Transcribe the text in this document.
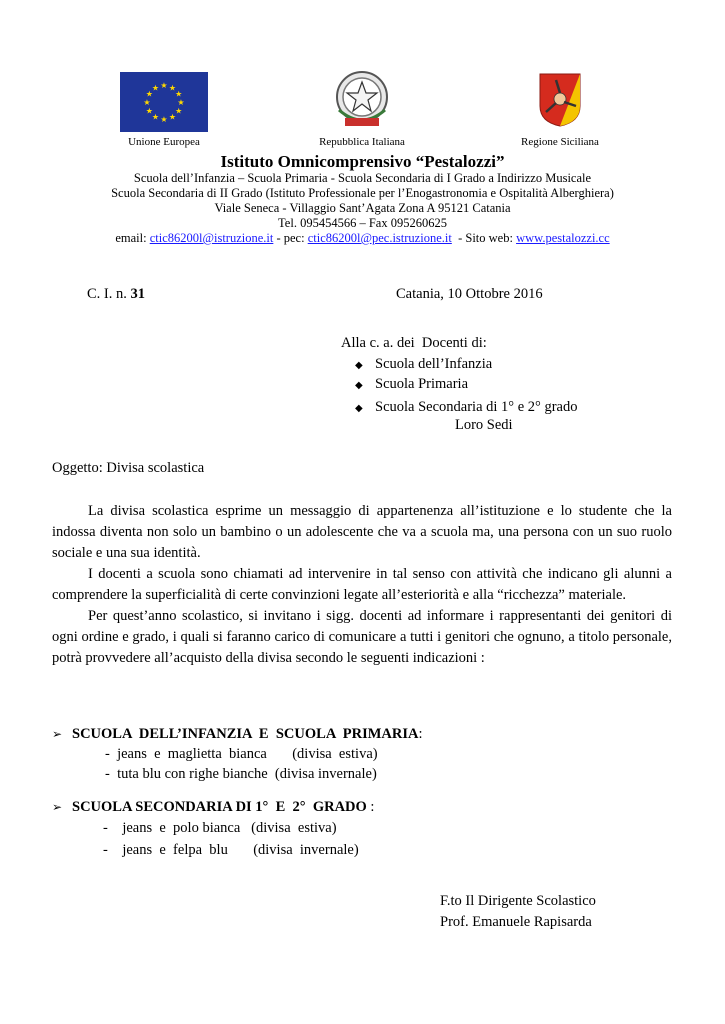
★ ★
★
★
★
★
★
★
★
★
★
★
Unione Europea	Repubblica Italiana	Regione Siciliana
Istituto Omnicomprensivo “Pestalozzi”
Scuola dell’Infanzia – Scuola Primaria - Scuola Secondaria di I Grado a Indirizzo Musicale
Scuola Secondaria di II Grado (Istituto Professionale per l’Enogastronomia e Ospitalità Alberghiera)
Viale Seneca - Villaggio Sant’Agata Zona A 95121 Catania
Tel. 095454566 – Fax 095260625
email: ctic86200l@istruzione.it - pec: ctic86200l@pec.istruzione.it  - Sito web: www.pestalozzi.cc
C. I. n. 31	Catania, 10 Ottobre 2016
Alla c. a. dei  Docenti di:
◆ Scuola dell’Infanzia
◆ Scuola Primaria
◆ Scuola Secondaria di 1° e 2° grado
Loro Sedi
Oggetto: Divisa scolastica

La divisa scolastica esprime un messaggio di appartenenza all’istituzione e lo studente che la indossa diventa non solo un bambino o un adolescente che va a scuola ma, una persona con un suo ruolo sociale e una sua identità.

I docenti a scuola sono chiamati ad intervenire in tal senso con attività che indicano gli alunni a comprendere la superficialità di certe convinzioni legate all’esteriorità e alla “ricchezza” materiale.

Per quest’anno scolastico, si invitano i sigg. docenti ad informare i rappresentanti dei genitori di ogni ordine e grado, i quali si faranno carico di comunicare a tutti i genitori che ognuno, a titolo personale, potrà provvedere all’acquisto della divisa secondo le seguenti indicazioni :

➢ SCUOLA  DELL’INFANZIA  E  SCUOLA  PRIMARIA:
-  jeans  e  maglietta  bianca       (divisa  estiva)
-  tuta blu con righe bianche  (divisa invernale)
➢ SCUOLA SECONDARIA DI 1°  E  2°  GRADO :
-    jeans  e  polo bianca   (divisa  estiva)
-    jeans  e  felpa  blu       (divisa  invernale)
F.to Il Dirigente Scolastico
Prof. Emanuele Rapisarda
